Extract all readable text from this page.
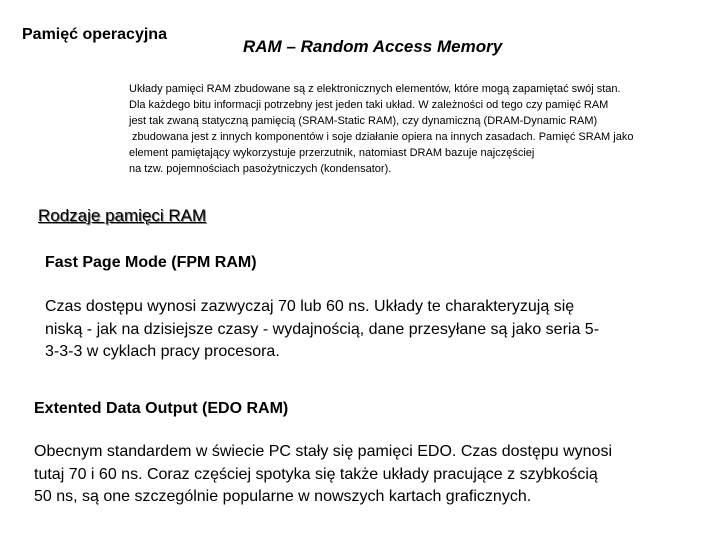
Pamięć operacyjna
RAM – Random Access Memory
Układy pamięci RAM zbudowane są z elektronicznych elementów, które mogą zapamiętać swój stan.
Dla każdego bitu informacji potrzebny jest jeden taki układ. W zależności od tego czy pamięć RAM
jest tak zwaną statyczną pamięcią (SRAM-Static RAM), czy dynamiczną (DRAM-Dynamic RAM)
zbudowana jest z innych komponentów i soje działanie opiera na innych zasadach. Pamięć SRAM jako
element pamiętający wykorzystuje przerzutnik, natomiast DRAM bazuje najczęściej
na tzw. pojemnościach pasożytniczych (kondensator).
Rodzaje pamięci RAM
Fast Page Mode (FPM RAM)
Czas dostępu wynosi zazwyczaj 70 lub 60 ns. Układy te charakteryzują się
niską - jak na dzisiejsze czasy - wydajnością, dane przesyłane są jako seria 5-
3-3-3 w cyklach pracy procesora.
Extented Data Output (EDO RAM)
Obecnym standardem w świecie PC stały się pamięci EDO. Czas dostępu wynosi
tutaj 70 i 60 ns. Coraz częściej spotyka się także układy pracujące z szybkością
50 ns, są one szczególnie popularne w nowszych kartach graficznych.
